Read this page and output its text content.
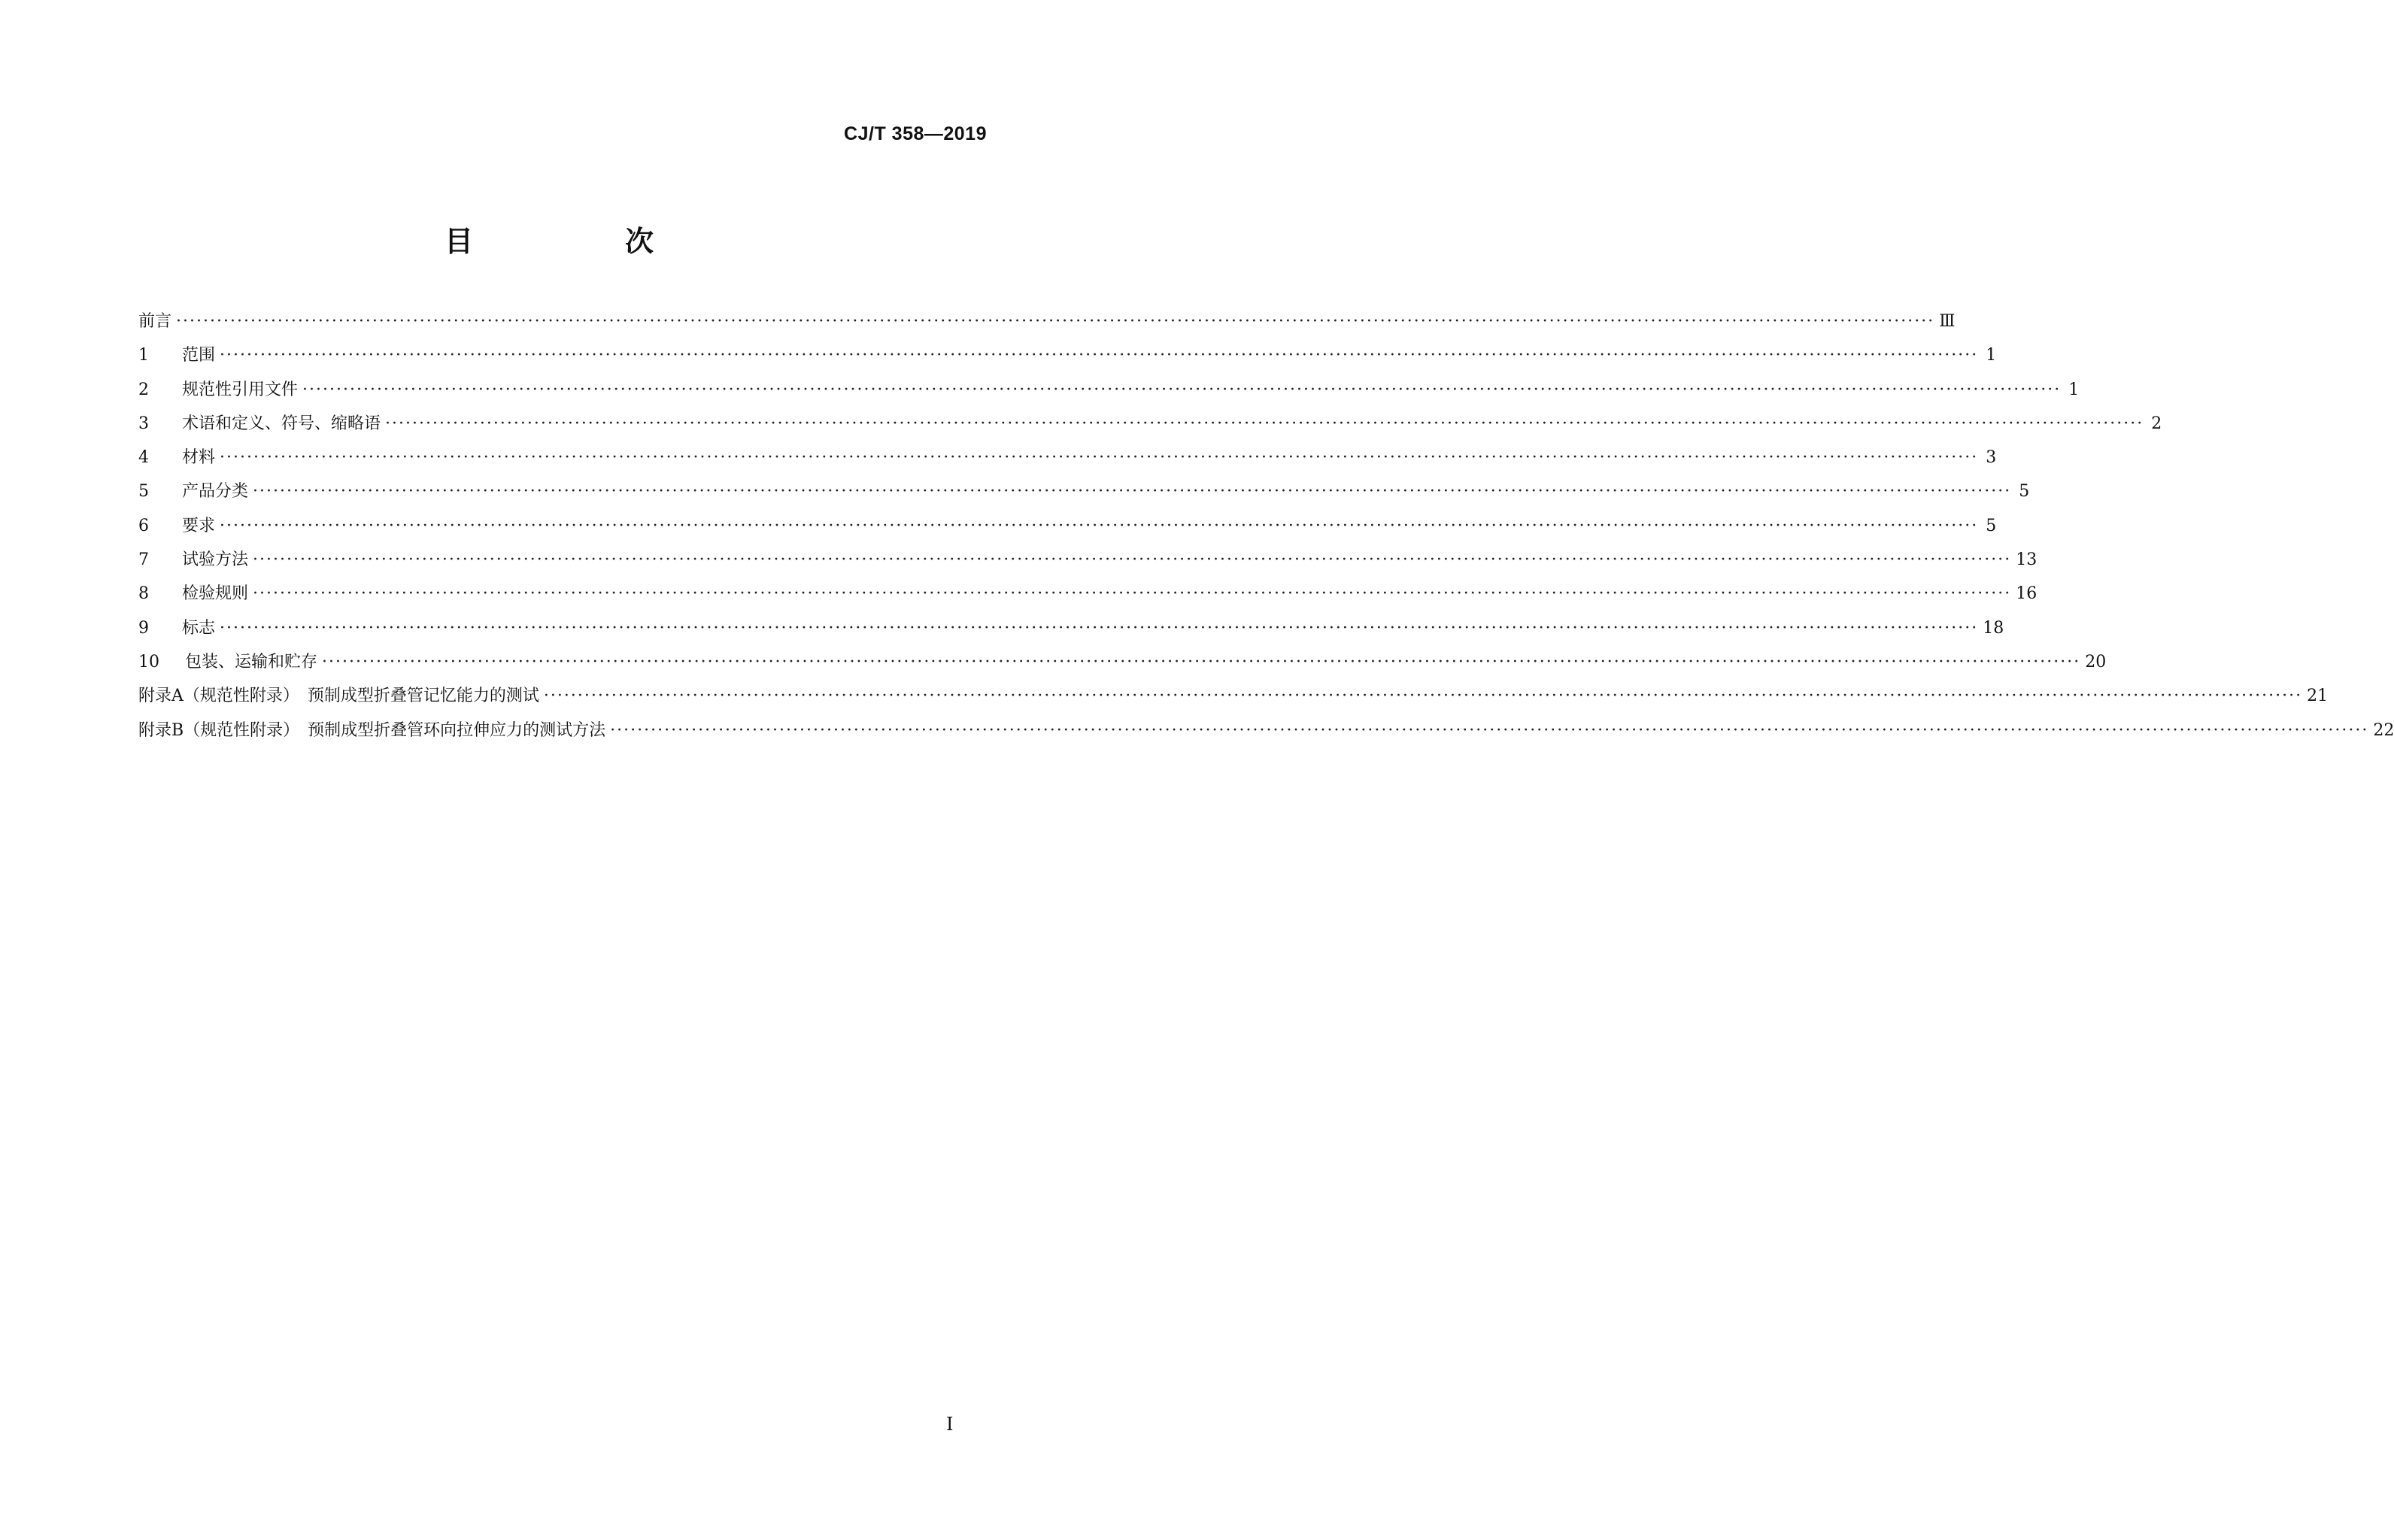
CJ/T 358—2019
目　次
前言 ···································································································································································································································································· Ⅲ
1	范围 ···································································································································································································································································· 1
2	规范性引用文件 ···································································································································································································································································· 1
3	术语和定义、符号、缩略语 ···································································································································································································································································· 2
4	材料 ···································································································································································································································································· 3
5	产品分类 ···································································································································································································································································· 5
6	要求 ···································································································································································································································································· 5
7	试验方法 ···································································································································································································································································· 13
8	检验规则 ···································································································································································································································································· 16
9	标志 ···································································································································································································································································· 18
10	包装、运输和贮存 ···································································································································································································································································· 20
附录A（规范性附录）　预制成型折叠管记忆能力的测试 ···································································································································································································································································· 21
附录B（规范性附录）　预制成型折叠管环向拉伸应力的测试方法 ···································································································································································································································································· 22
I
